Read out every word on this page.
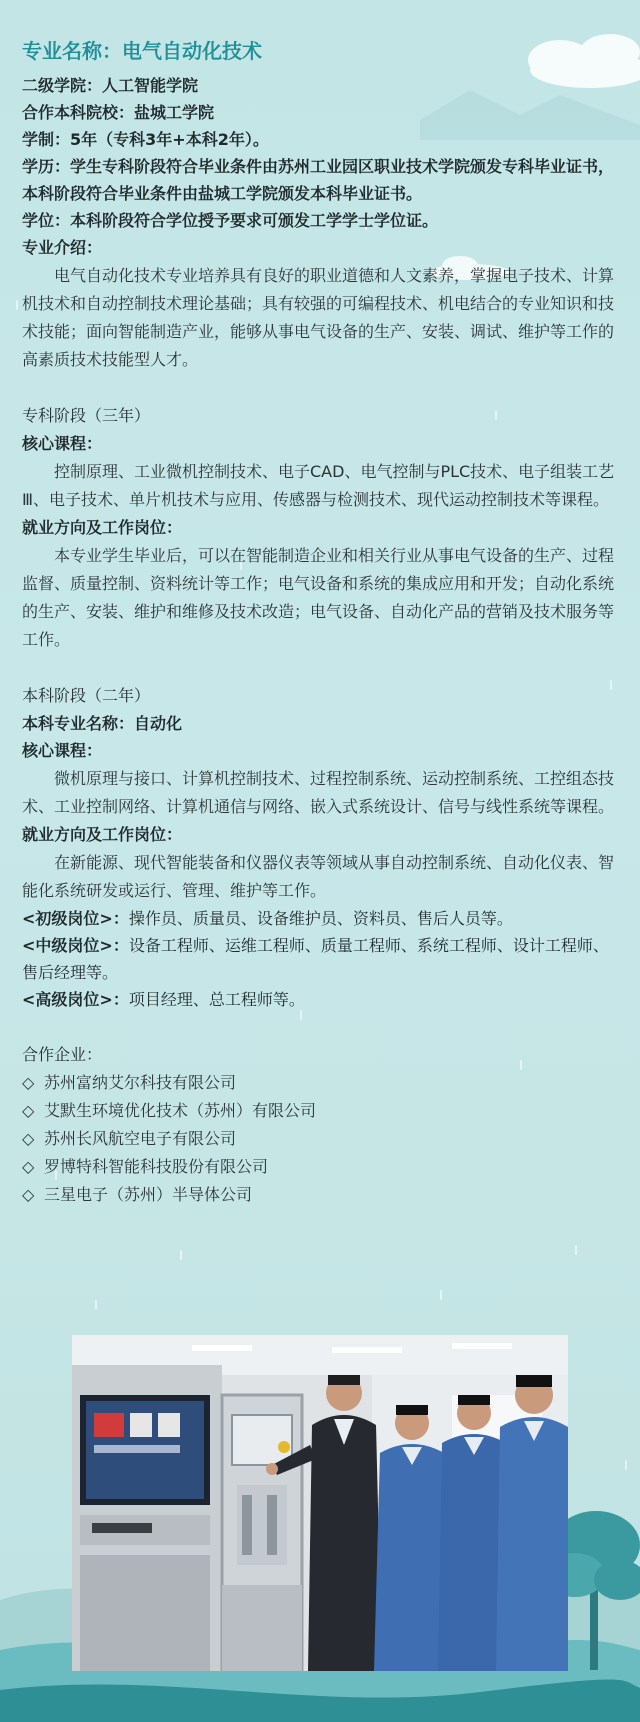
专业名称：电气自动化技术

二级学院：人工智能学院

合作本科院校：盐城工学院

学制：5年（专科3年+本科2年）。

学历：学生专科阶段符合毕业条件由苏州工业园区职业技术学院颁发专科毕业证书，本科阶段符合毕业条件由盐城工学院颁发本科毕业证书。

学位：本科阶段符合学位授予要求可颁发工学学士学位证。

专业介绍：

电气自动化技术专业培养具有良好的职业道德和人文素养，掌握电子技术、计算机技术和自动控制技术理论基础；具有较强的可编程技术、机电结合的专业知识和技术技能；面向智能制造产业，能够从事电气设备的生产、安装、调试、维护等工作的高素质技术技能型人才。

专科阶段（三年）

核心课程：

控制原理、工业微机控制技术、电子CAD、电气控制与PLC技术、电子组装工艺Ⅲ、电子技术、单片机技术与应用、传感器与检测技术、现代运动控制技术等课程。

就业方向及工作岗位：

本专业学生毕业后，可以在智能制造企业和相关行业从事电气设备的生产、过程监督、质量控制、资料统计等工作；电气设备和系统的集成应用和开发；自动化系统的生产、安装、维护和维修及技术改造；电气设备、自动化产品的营销及技术服务等工作。

本科阶段（二年）

本科专业名称：自动化

核心课程：

微机原理与接口、计算机控制技术、过程控制系统、运动控制系统、工控组态技术、工业控制网络、计算机通信与网络、嵌入式系统设计、信号与线性系统等课程。

就业方向及工作岗位：

在新能源、现代智能装备和仪器仪表等领域从事自动控制系统、自动化仪表、智能化系统研发或运行、管理、维护等工作。

<初级岗位>：操作员、质量员、设备维护员、资料员、售后人员等。

<中级岗位>：设备工程师、运维工程师、质量工程师、系统工程师、设计工程师、售后经理等。

<高级岗位>：项目经理、总工程师等。

合作企业：

◇ 苏州富纳艾尔科技有限公司

◇ 艾默生环境优化技术（苏州）有限公司

◇ 苏州长风航空电子有限公司

◇ 罗博特科智能科技股份有限公司

◇ 三星电子（苏州）半导体公司
